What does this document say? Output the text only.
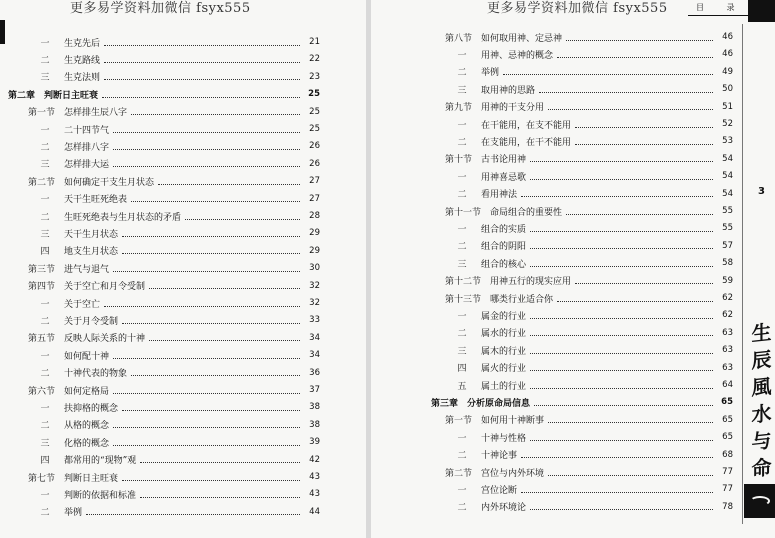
更多易学资料加微信 fsyx555
一	生克先后	21
二	生克路线	22
三	生克法则	23
第二章　判断日主旺衰	25
第一节　怎样排生辰八字	25
一	二十四节气	25
二	怎样排八字	26
三	怎样排大运	26
第二节　如何确定干支生月状态	27
一	天干生旺死绝表	27
二	生旺死绝表与生月状态的矛盾	28
三	天干生月状态	29
四	地支生月状态	29
第三节　进气与退气	30
第四节　关于空亡和月令受制	32
一	关于空亡	32
二	关于月令受制	33
第五节　反映人际关系的十神	34
一	如何配十神	34
二	十神代表的物象	36
第六节　如何定格局	37
一	扶抑格的概念	38
二	从格的概念	38
三	化格的概念	39
四	都常用的“现物”观	42
第七节　判断日主旺衰	43
一	判断的依据和标准	43
二	举例	44
更多易学资料加微信 fsyx555
第八节　如何取用神、定忌神	46
一	用神、忌神的概念	46
二	举例	49
三	取用神的思路	50
第九节　用神的干支分用	51
一	在干能用，在支不能用	52
二	在支能用，在干不能用	53
第十节　古书论用神	54
一	用神喜忌歌	54
二	看用神法	54
第十一节　命局组合的重要性	55
一	组合的实质	55
二	组合的阴阳	57
三	组合的核心	58
第十二节　用神五行的现实应用	59
第十三节　哪类行业适合你	62
一	属金的行业	62
二	属水的行业	63
三	属木的行业	63
四	属火的行业	63
五	属土的行业	64
第三章　分析原命局信息	65
第一节　如何用十神断事	65
一	十神与性格	65
二	十神论事	68
第二节　宫位与内外环境	77
一	宫位论断	77
二	内外环境论	78
目 录
3
生
辰
風
水
与
命
